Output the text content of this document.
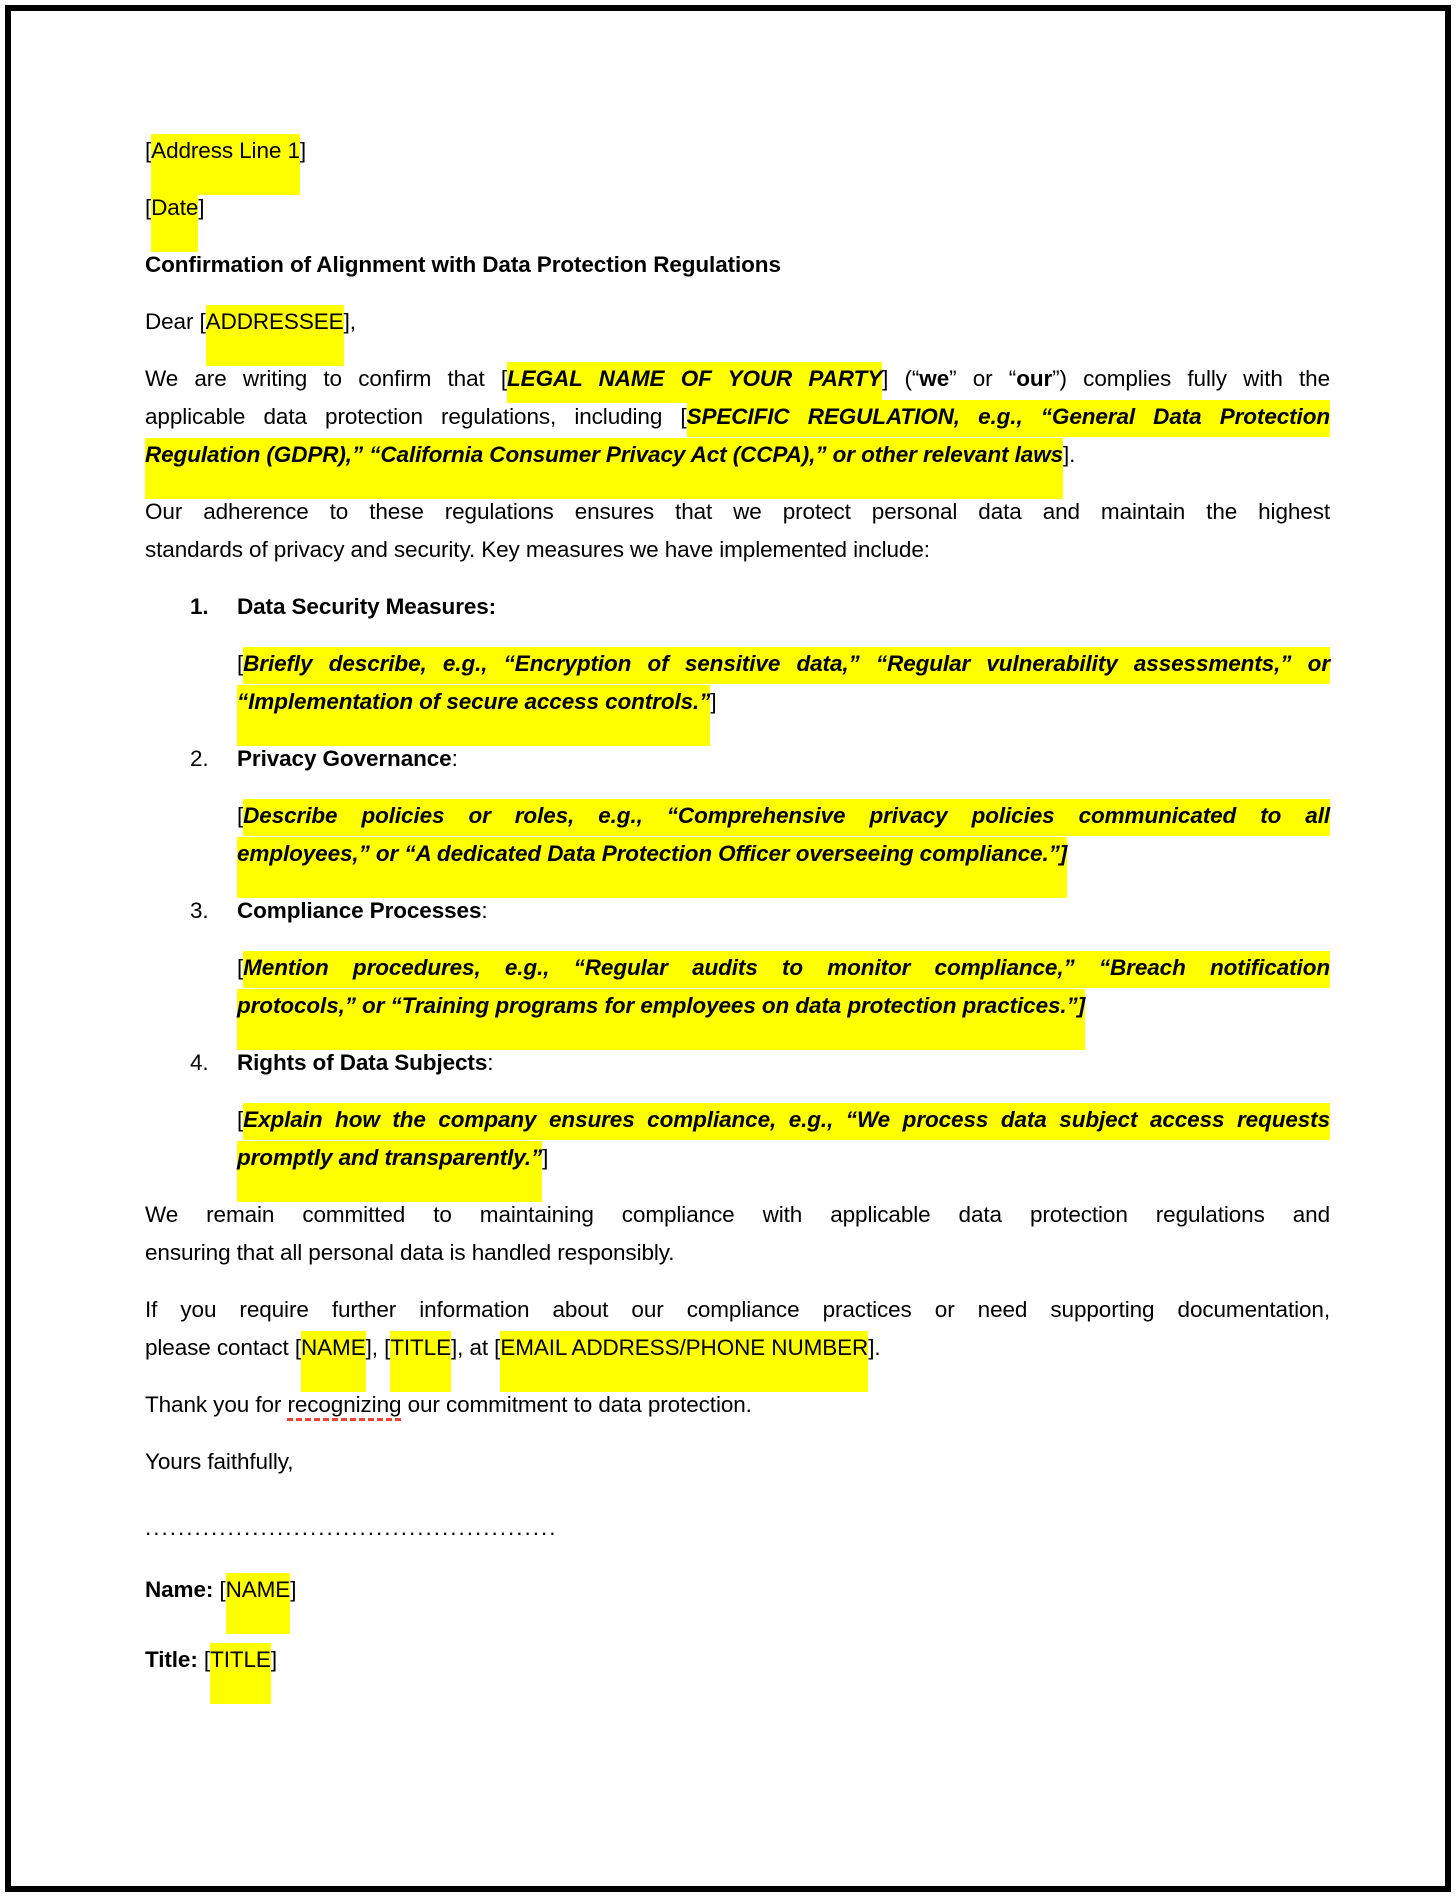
[Address Line 1]
[Date]
Confirmation of Alignment with Data Protection Regulations
Dear [ADDRESSEE],
We are writing to confirm that [LEGAL NAME OF YOUR PARTY] (“we” or “our”) complies fully with the
applicable data protection regulations, including [SPECIFIC REGULATION, e.g., “General Data Protection
Regulation (GDPR),” “California Consumer Privacy Act (CCPA),” or other relevant laws].
Our adherence to these regulations ensures that we protect personal data and maintain the highest
standards of privacy and security. Key measures we have implemented include:
1. Data Security Measures:
[Briefly describe, e.g., “Encryption of sensitive data,” “Regular vulnerability assessments,” or
“Implementation of secure access controls.”]
2. Privacy Governance:
[Describe policies or roles, e.g., “Comprehensive privacy policies communicated to all
employees,” or “A dedicated Data Protection Officer overseeing compliance.”]
3. Compliance Processes:
[Mention procedures, e.g., “Regular audits to monitor compliance,” “Breach notification
protocols,” or “Training programs for employees on data protection practices.”]
4. Rights of Data Subjects:
[Explain how the company ensures compliance, e.g., “We process data subject access requests
promptly and transparently.”]
We remain committed to maintaining compliance with applicable data protection regulations and
ensuring that all personal data is handled responsibly.
If you require further information about our compliance practices or need supporting documentation,
please contact [NAME], [TITLE], at [EMAIL ADDRESS/PHONE NUMBER].
Thank you for recognizing our commitment to data protection.
Yours faithfully,
..................................................
Name: [NAME]
Title: [TITLE]
